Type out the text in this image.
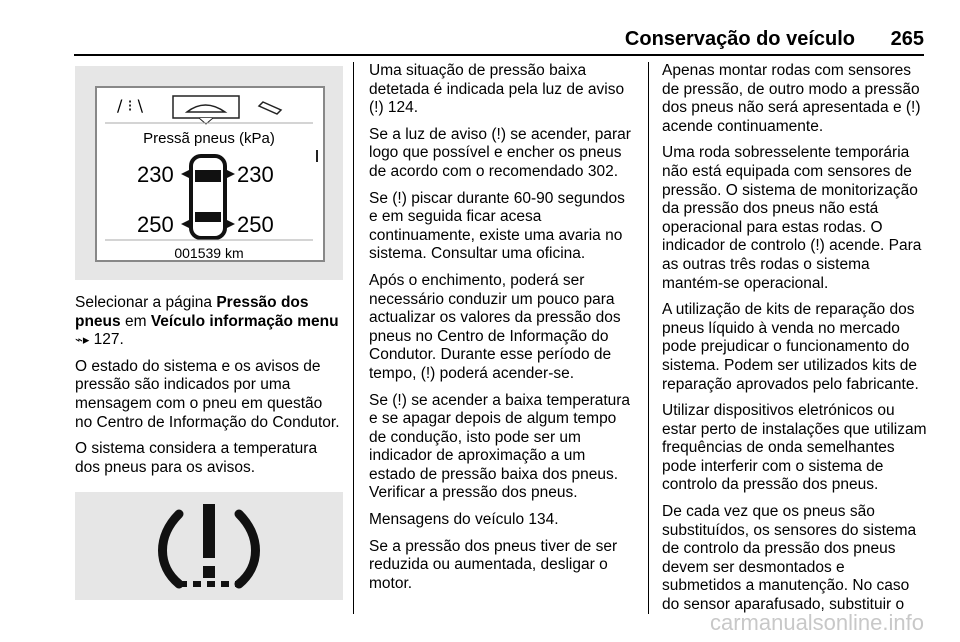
Conservação do veículo 265
/ ⁝ \
Pressã pneus (kPa)
230	230
250	250
001539 km

Selecionar a página Pressão dos pneus em Veículo informação menu⌁▸ 127.

O estado do sistema e os avisos de pressão são indicados por uma mensagem com o pneu em questão no Centro de Informação do Condutor.

O sistema considera a temperatura dos pneus para os avisos.

Uma situação de pressão baixa detetada é indicada pela luz de aviso (!) 124.

Se a luz de aviso (!) se acender, parar logo que possível e encher os pneus de acordo com o recomendado 302.

Se (!) piscar durante 60-90 segundos e em seguida ficar acesa continuamente, existe uma avaria no sistema. Consultar uma oficina.

Após o enchimento, poderá ser necessário conduzir um pouco para actualizar os valores da pressão dos pneus no Centro de Informação do Condutor. Durante esse período de tempo, (!) poderá acender-se.

Se (!) se acender a baixa temperatura e se apagar depois de algum tempo de condução, isto pode ser um indicador de aproximação a um estado de pressão baixa dos pneus. Verificar a pressão dos pneus.

Mensagens do veículo 134.

Se a pressão dos pneus tiver de ser reduzida ou aumentada, desligar o motor.

Apenas montar rodas com sensores de pressão, de outro modo a pressão dos pneus não será apresentada e (!) acende continuamente.

Uma roda sobresselente temporária não está equipada com sensores de pressão. O sistema de monitorização da pressão dos pneus não está operacional para estas rodas. O indicador de controlo (!) acende. Para as outras três rodas o sistema mantém-se operacional.

A utilização de kits de reparação dos pneus líquido à venda no mercado pode prejudicar o funcionamento do sistema. Podem ser utilizados kits de reparação aprovados pelo fabricante.

Utilizar dispositivos eletrónicos ou estar perto de instalações que utilizam frequências de onda semelhantes pode interferir com o sistema de controlo da pressão dos pneus.

De cada vez que os pneus são substituídos, os sensores do sistema de controlo da pressão dos pneus devem ser desmontados e submetidos a manutenção. No caso do sensor aparafusado, substituir o

carmanualsonline.info
